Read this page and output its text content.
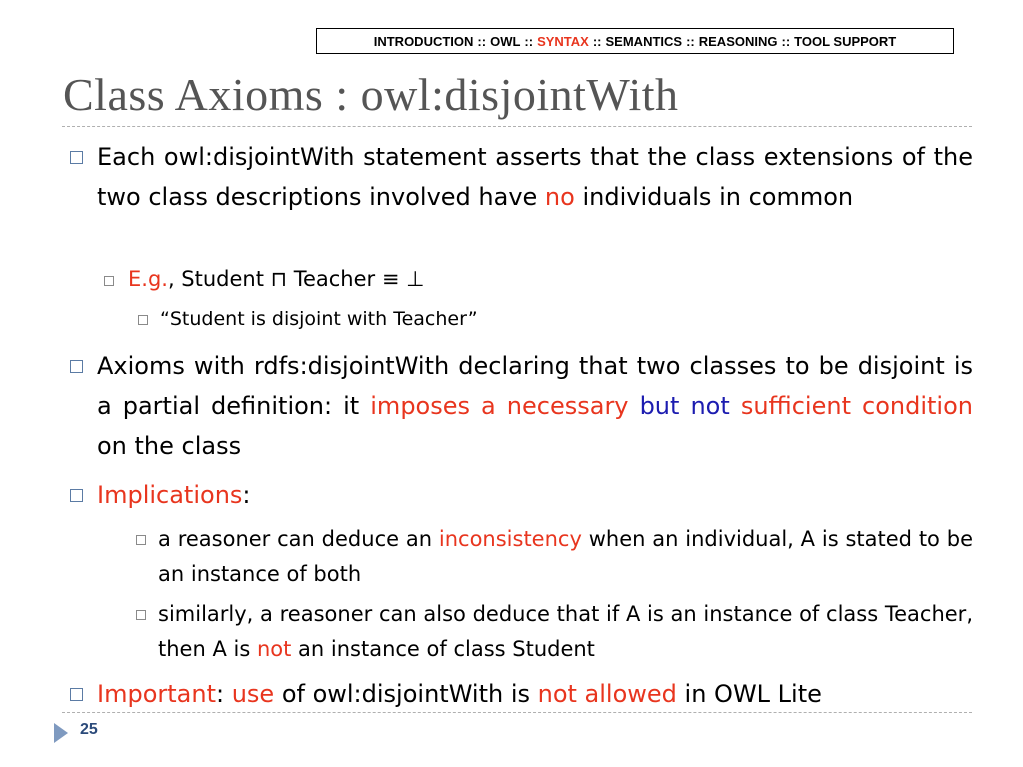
INTRODUCTION :: OWL :: SYNTAX :: SEMANTICS :: REASONING :: TOOL SUPPORT
Class Axioms : owl:disjointWith
Each owl:disjointWith statement asserts that the class extensions of the two class descriptions involved have no individuals in common
E.g., Student ⊓ Teacher ≡ ⊥
“Student is disjoint with Teacher”
Axioms with rdfs:disjointWith declaring that two classes to be disjoint is a partial definition: it imposes a necessary but not sufficient condition on the class
Implications:
a reasoner can deduce an inconsistency when an individual, A is stated to be an instance of both
similarly, a reasoner can also deduce that if A is an instance of class Teacher, then A is not an instance of class Student
Important: use of owl:disjointWith is not allowed in OWL Lite
25
